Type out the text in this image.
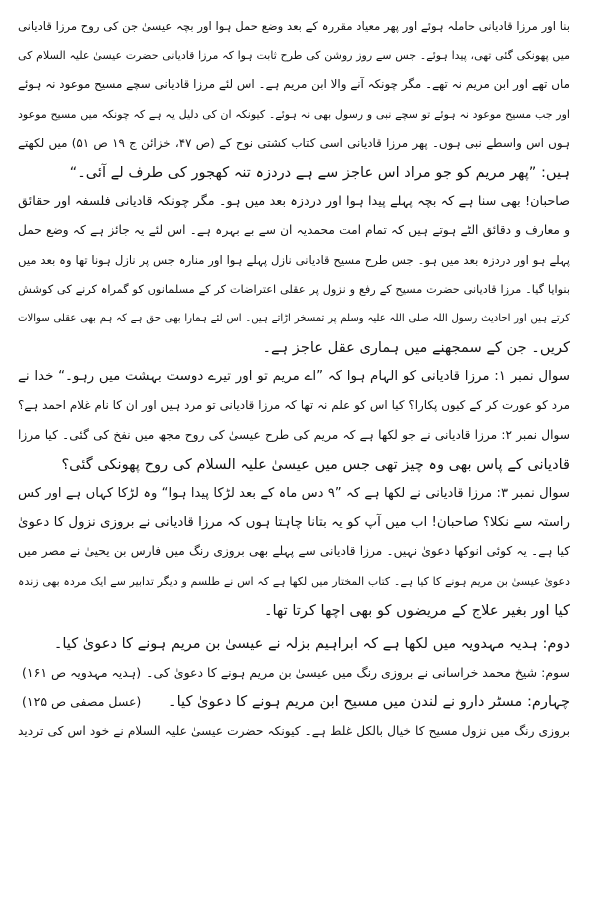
بنا اور مرزا قادیانی حاملہ ہوئے اور پھر معیاد مقررہ کے بعد وضع حمل ہوا اور بچہ عیسیٰ جن کی روح مرزا قادیانی
میں پھونکی گئی تھی، پیدا ہوئے۔ جس سے روز روشن کی طرح ثابت ہوا کہ مرزا قادیانی حضرت عیسیٰ علیہ السلام کی
ماں تھے اور ابن مریم نہ تھے۔ مگر چونکہ آنے والا ابن مریم ہے۔ اس لئے مرزا قادیانی سچے مسیح موعود نہ ہوئے
اور جب مسیح موعود نہ ہوئے تو سچے نبی و رسول بھی نہ ہوئے۔ کیونکہ ان کی دلیل یہ ہے کہ چونکہ میں مسیح موعود
ہوں اس واسطے نبی ہوں۔ پھر مرزا قادیانی اسی کتاب کشتی نوح کے (ص ۴۷، خزائن ج ۱۹ ص ۵۱) میں لکھتے
ہیں: ”پھر مریم کو جو مراد اس عاجز سے ہے دردزہ تنہ کھجور کی طرف لے آئی۔“
صاحبان! بھی سنا ہے کہ بچہ پہلے پیدا ہوا اور دردزہ بعد میں ہو۔ مگر چونکہ قادیانی فلسفہ اور حقائق
و معارف و دقائق الٹے ہوتے ہیں کہ تمام امت محمدیہ ان سے بے بہرہ ہے۔ اس لئے یہ جائز ہے کہ وضع حمل
پہلے ہو اور دردزہ بعد میں ہو۔ جس طرح مسیح قادیانی نازل پہلے ہوا اور منارہ جس پر نازل ہونا تھا وہ بعد میں
بنوایا گیا۔ مرزا قادیانی حضرت مسیح کے رفع و نزول پر عقلی اعتراضات کر کے مسلمانوں کو گمراہ کرنے کی کوشش
کرتے ہیں اور احادیث رسول اللہ صلی اللہ علیہ وسلم پر تمسخر اڑاتے ہیں۔ اس لئے ہمارا بھی حق ہے کہ ہم بھی عقلی سوالات
کریں۔ جن کے سمجھنے میں ہماری عقل عاجز ہے۔
سوال نمبر ۱: مرزا قادیانی کو الہام ہوا کہ ”اے مریم تو اور تیرے دوست بہشت میں رہو۔“ خدا نے
مرد کو عورت کر کے کیوں پکارا؟ کیا اس کو علم نہ تھا کہ مرزا قادیانی تو مرد ہیں اور ان کا نام غلام احمد ہے؟
سوال نمبر ۲: مرزا قادیانی نے جو لکھا ہے کہ مریم کی طرح عیسیٰ کی روح مجھ میں نفخ کی گئی۔ کیا مرزا
قادیانی کے پاس بھی وہ چیز تھی جس میں عیسیٰ علیہ السلام کی روح پھونکی گئی؟
سوال نمبر ۳: مرزا قادیانی نے لکھا ہے کہ ”۹ دس ماہ کے بعد لڑکا پیدا ہوا“ وہ لڑکا کہاں ہے اور کس
راستہ سے نکلا؟ صاحبان! اب میں آپ کو یہ بتانا چاہتا ہوں کہ مرزا قادیانی نے بروزی نزول کا دعویٰ
کیا ہے۔ یہ کوئی انوکھا دعویٰ نہیں۔ مرزا قادیانی سے پہلے بھی بروزی رنگ میں فارس بن یحییٰ نے مصر میں
دعویٰ عیسیٰ بن مریم ہونے کا کیا ہے۔ کتاب المختار میں لکھا ہے کہ اس نے طلسم و دیگر تدابیر سے ایک مردہ بھی زندہ
کیا اور بغیر علاج کے مریضوں کو بھی اچھا کرتا تھا۔
دوم: ہدیہ مہدویہ میں لکھا ہے کہ ابراہیم بزلہ نے عیسیٰ بن مریم ہونے کا دعویٰ کیا۔
سوم: شیخ محمد خراسانی نے بروزی رنگ میں عیسیٰ بن مریم ہونے کا دعویٰ کی۔
(ہدیہ مہدویہ ص ۱۶۱)
چہارم: مسٹر دارو نے لندن میں مسیح ابن مریم ہونے کا دعویٰ کیا۔
(عسل مصفی ص ۱۲۵)
بروزی رنگ میں نزول مسیح کا خیال بالکل غلط ہے۔ کیونکہ حضرت عیسیٰ علیہ السلام نے خود اس کی تردید
